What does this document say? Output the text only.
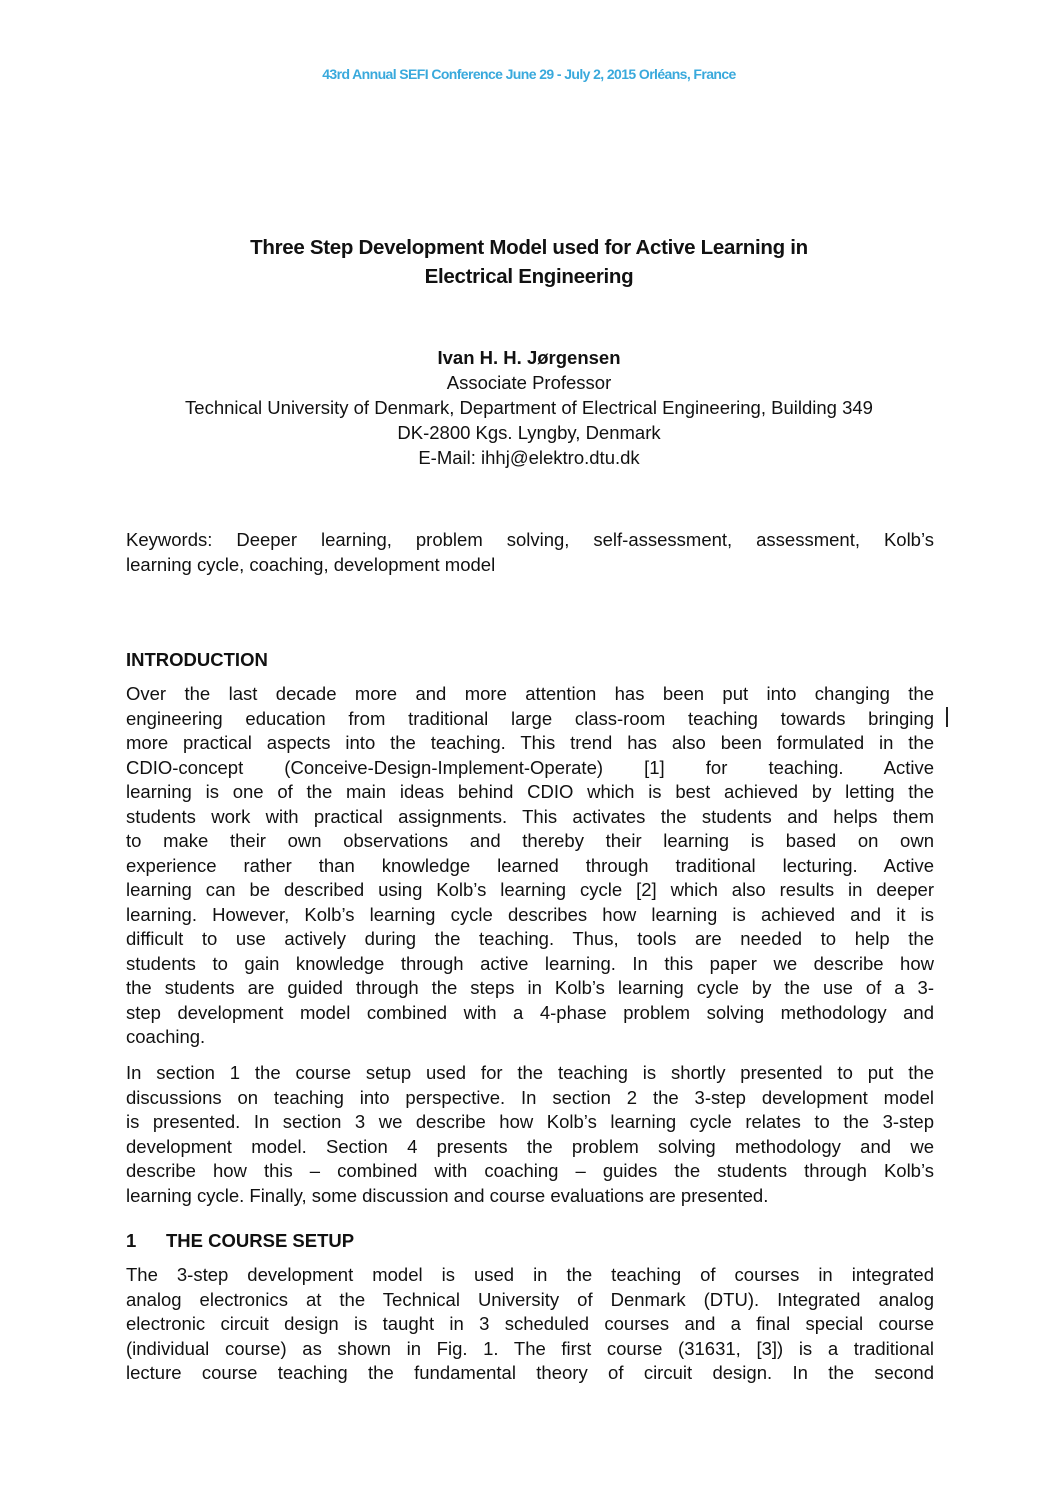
43rd Annual SEFI Conference June 29 - July 2, 2015 Orléans, France
Three Step Development Model used for Active Learning in
Electrical Engineering
Ivan H. H. Jørgensen
Associate Professor
Technical University of Denmark, Department of Electrical Engineering, Building 349
DK-2800 Kgs. Lyngby, Denmark
E-Mail: ihhj@elektro.dtu.dk
Keywords: Deeper learning, problem solving, self-assessment, assessment, Kolb’s
learning cycle, coaching, development model
INTRODUCTION
Over the last decade more and more attention has been put into changing the
engineering education from traditional large class-room teaching towards bringing
more practical aspects into the teaching. This trend has also been formulated in the
CDIO-concept (Conceive-Design-Implement-Operate) [1] for teaching. Active
learning is one of the main ideas behind CDIO which is best achieved by letting the
students work with practical assignments. This activates the students and helps them
to make their own observations and thereby their learning is based on own
experience rather than knowledge learned through traditional lecturing. Active
learning can be described using Kolb’s learning cycle [2] which also results in deeper
learning. However, Kolb’s learning cycle describes how learning is achieved and it is
difficult to use actively during the teaching. Thus, tools are needed to help the
students to gain knowledge through active learning. In this paper we describe how
the students are guided through the steps in Kolb’s learning cycle by the use of a 3-
step development model combined with a 4-phase problem solving methodology and
coaching.
In section 1 the course setup used for the teaching is shortly presented to put the
discussions on teaching into perspective. In section 2 the 3-step development model
is presented. In section 3 we describe how Kolb’s learning cycle relates to the 3-step
development model. Section 4 presents the problem solving methodology and we
describe how this – combined with coaching – guides the students through Kolb’s
learning cycle. Finally, some discussion and course evaluations are presented.
1 THE COURSE SETUP
The 3-step development model is used in the teaching of courses in integrated
analog electronics at the Technical University of Denmark (DTU). Integrated analog
electronic circuit design is taught in 3 scheduled courses and a final special course
(individual course) as shown in Fig. 1. The first course (31631, [3]) is a traditional
lecture course teaching the fundamental theory of circuit design. In the second
